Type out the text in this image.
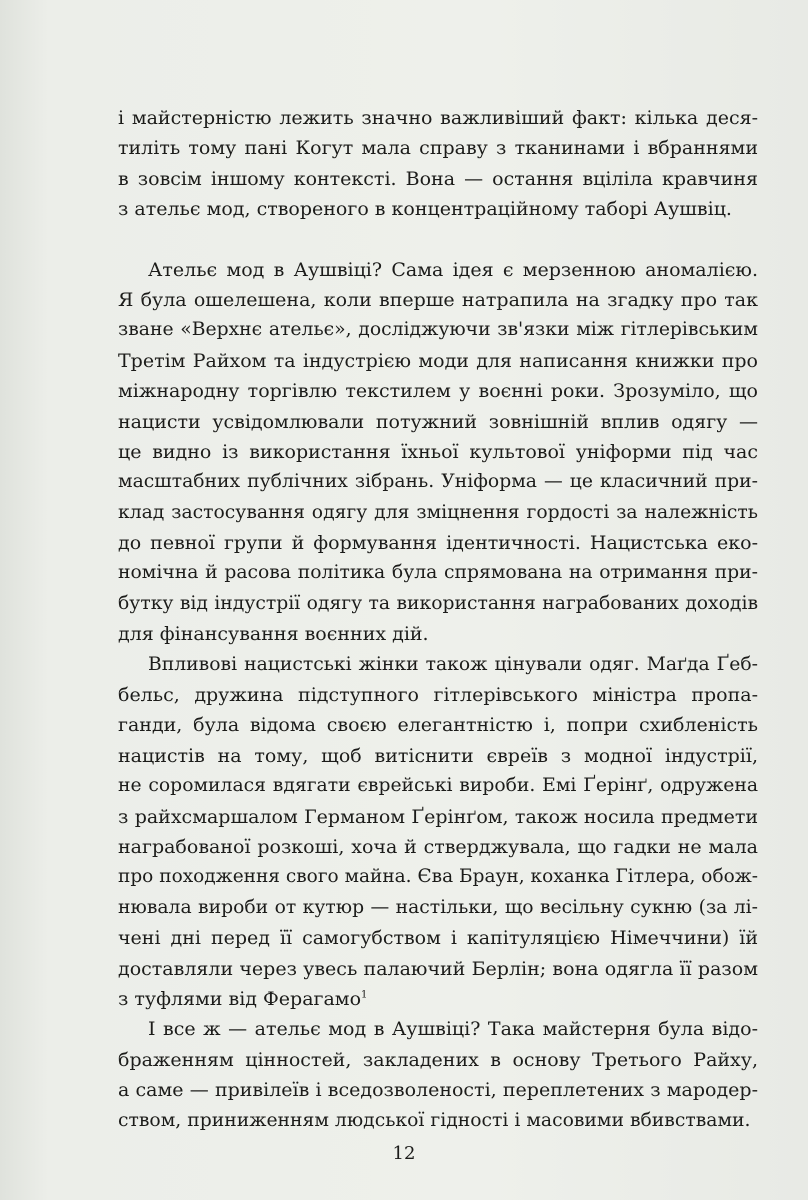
і майстерністю лежить значно важливіший факт: кілька деся-
тиліть тому пані Когут мала справу з тканинами і вбраннями
в зовсім іншому контексті. Вона — остання вціліла кравчиня
з ательє мод, створеного в концентраційному таборі Аушвіц.
Ательє мод в Аушвіці? Сама ідея є мерзенною аномалією.
Я була ошелешена, коли вперше натрапила на згадку про так
зване «Верхнє ательє», досліджуючи зв'язки між гітлерівським
Третім Райхом та індустрією моди для написання книжки про
міжнародну торгівлю текстилем у воєнні роки. Зрозуміло, що
нацисти усвідомлювали потужний зовнішній вплив одягу —
це видно із використання їхньої культової уніформи під час
масштабних публічних зібрань. Уніформа — це класичний при-
клад застосування одягу для зміцнення гордості за належність
до певної групи й формування ідентичності. Нацистська еко-
номічна й расова політика була спрямована на отримання при-
бутку від індустрії одягу та використання награбованих доходів
для фінансування воєнних дій.
Впливові нацистські жінки також цінували одяг. Маґда Ґеб-
бельс, дружина підступного гітлерівського міністра пропа-
ганди, була відома своєю елегантністю і, попри схибленість
нацистів на тому, щоб витіснити євреїв з модної індустрії,
не соромилася вдягати єврейські вироби. Емі Ґерінґ, одружена
з райхсмаршалом Германом Ґерінґом, також носила предмети
награбованої розкоші, хоча й стверджувала, що гадки не мала
про походження свого майна. Єва Браун, коханка Гітлера, обож-
нювала вироби от кутюр — настільки, що весільну сукню (за лі-
чені дні перед її самогубством і капітуляцією Німеччини) їй
доставляли через увесь палаючий Берлін; вона одягла її разом
з туфлями від Ферагамо$^1$
І все ж — ательє мод в Аушвіці? Така майстерня була відо-
браженням цінностей, закладених в основу Третього Райху,
а саме — привілеїв і вседозволеності, переплетених з мародер-
ством, приниженням людської гідності і масовими вбивствами.
12
